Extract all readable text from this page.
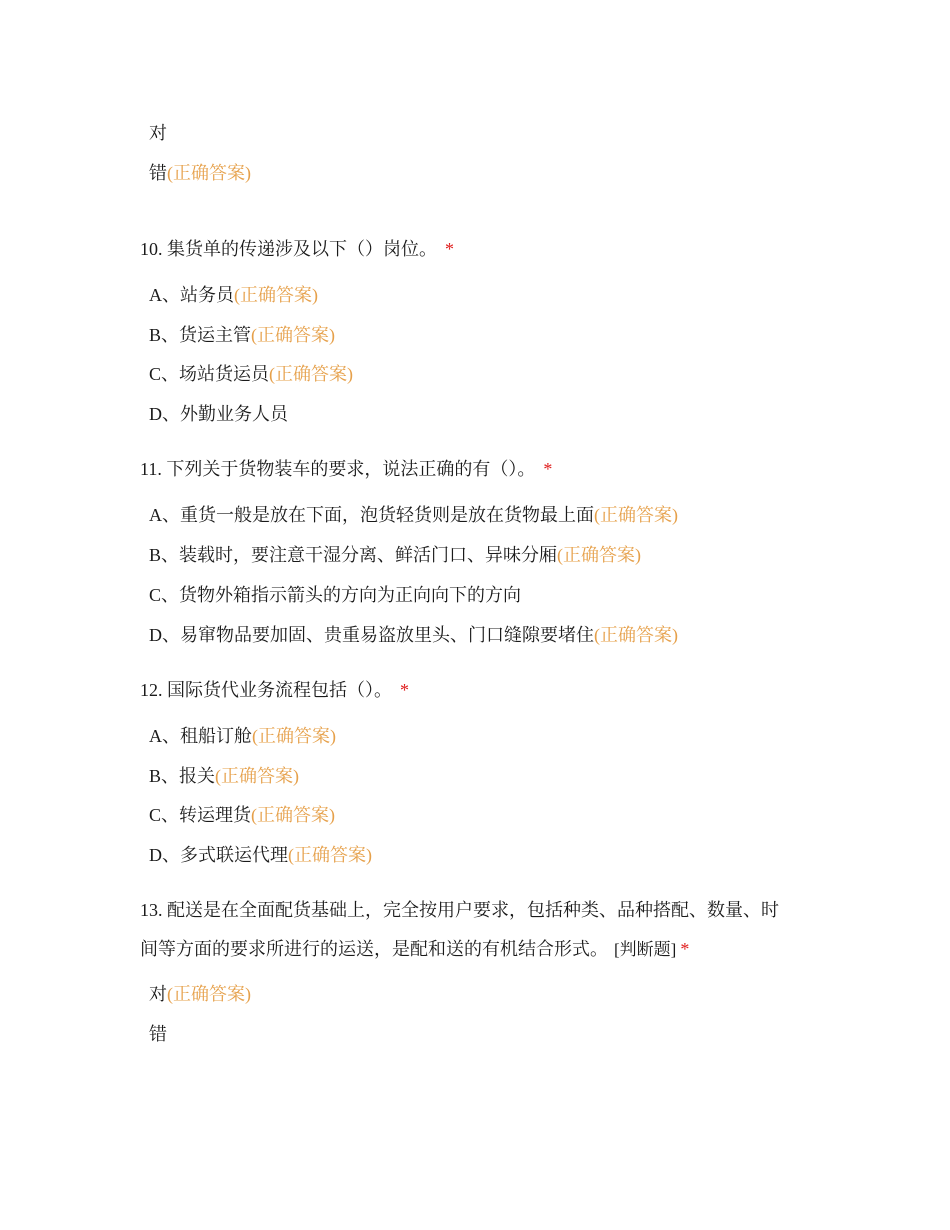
对
错(正确答案)
10. 集货单的传递涉及以下（）岗位。 *
A、站务员(正确答案)
B、货运主管(正确答案)
C、场站货运员(正确答案)
D、外勤业务人员
11. 下列关于货物装车的要求，说法正确的有（）。 *
A、重货一般是放在下面，泡货轻货则是放在货物最上面(正确答案)
B、装载时，要注意干湿分离、鲜活门口、异味分厢(正确答案)
C、货物外箱指示箭头的方向为正向向下的方向
D、易窜物品要加固、贵重易盗放里头、门口缝隙要堵住(正确答案)
12. 国际货代业务流程包括（）。 *
A、租船订舱(正确答案)
B、报关(正确答案)
C、转运理货(正确答案)
D、多式联运代理(正确答案)
13. 配送是在全面配货基础上，完全按用户要求，包括种类、品种搭配、数量、时
间等方面的要求所进行的运送，是配和送的有机结合形式。 [判断题] *
对(正确答案)
错
